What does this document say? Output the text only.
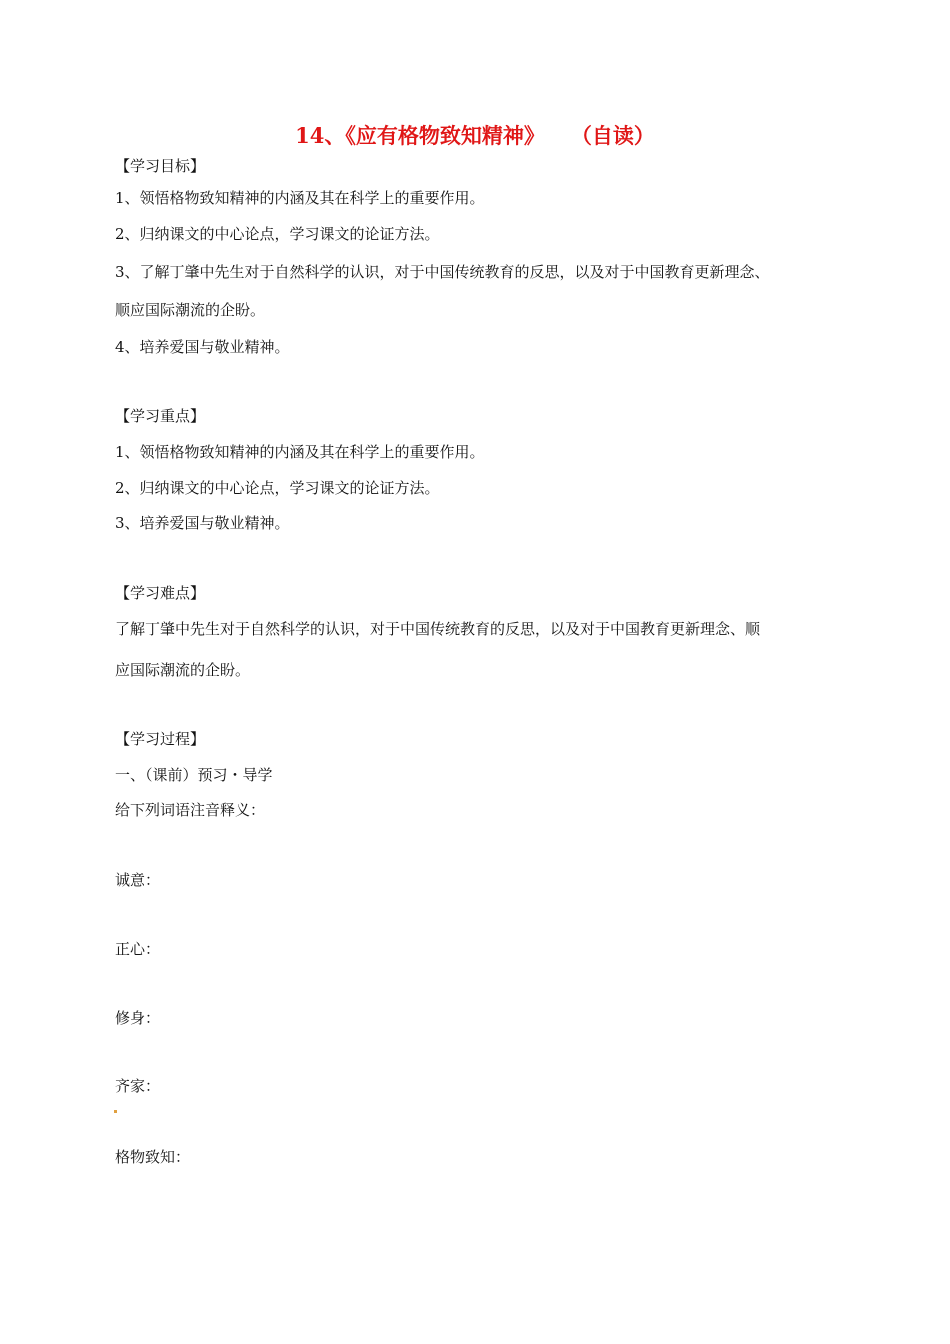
14、《应有格物致知精神》 （自读）
【学习目标】
1、领悟格物致知精神的内涵及其在科学上的重要作用。
2、归纳课文的中心论点，学习课文的论证方法。
3、了解丁肇中先生对于自然科学的认识，对于中国传统教育的反思，以及对于中国教育更新理念、
顺应国际潮流的企盼。
4、培养爱国与敬业精神。
【学习重点】
1、领悟格物致知精神的内涵及其在科学上的重要作用。
2、归纳课文的中心论点，学习课文的论证方法。
3、培养爱国与敬业精神。
【学习难点】
了解丁肇中先生对于自然科学的认识，对于中国传统教育的反思，以及对于中国教育更新理念、顺
应国际潮流的企盼。
【学习过程】
一、（课前）预习・导学
给下列词语注音释义：
诚意：
正心：
修身：
齐家：
格物致知：
